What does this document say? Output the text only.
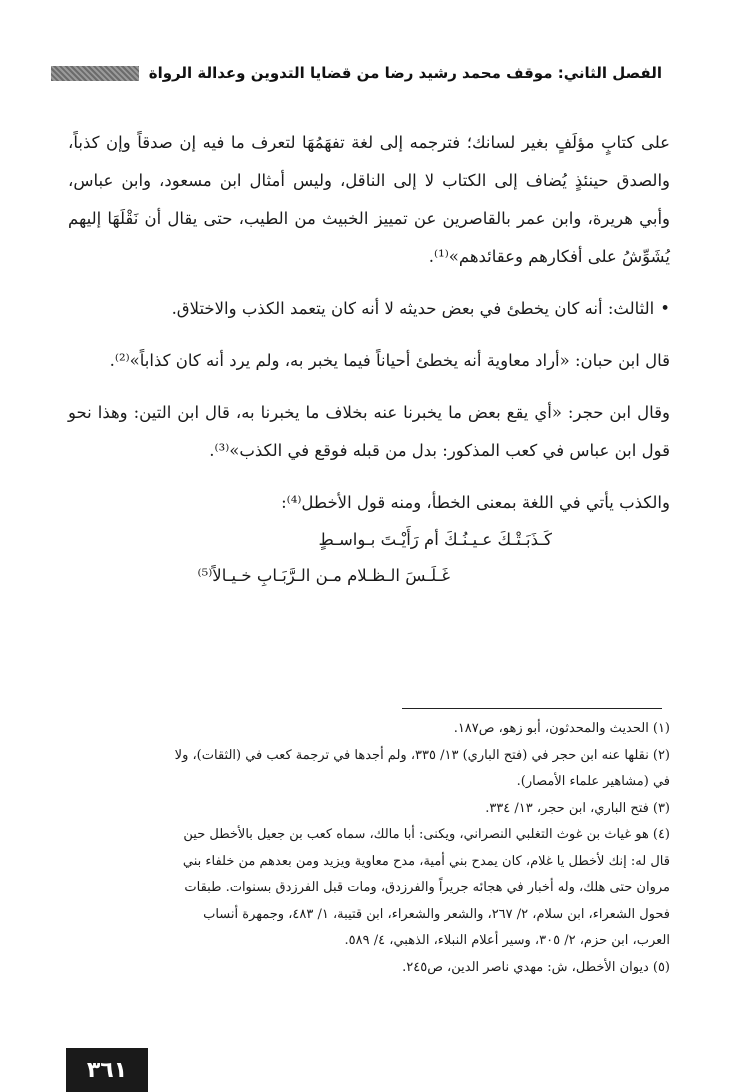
الفصل الثاني: موقف محمد رشيد رضا من قضايا التدوين وعدالة الرواة

على كتابٍ مؤلَفٍ بغير لسانك؛ فترجمه إلى لغة تفهَمُهَا لتعرف ما فيه إن صدقاً وإن كذباً، والصدق حينئذٍ يُضاف إلى الكتاب لا إلى الناقل، وليس أمثال ابن مسعود، وابن عباس، وأبي هريرة، وابن عمر بالقاصرين عن تمييز الخبيث من الطيب، حتى يقال أن نَقْلَهَا إليهم يُشَوِّشُ على أفكارهم وعقائدهم»⁽¹⁾.

• الثالث: أنه كان يخطئ في بعض حديثه لا أنه كان يتعمد الكذب والاختلاق.

قال ابن حبان: «أراد معاوية أنه يخطئ أحياناً فيما يخبر به، ولم يرد أنه كان كذاباً»⁽²⁾.

وقال ابن حجر: «أي يقع بعض ما يخبرنا عنه بخلاف ما يخبرنا به، قال ابن التين: وهذا نحو قول ابن عباس في كعب المذكور: بدل من قبله فوقع في الكذب»⁽³⁾.

والكذب يأتي في اللغة بمعنى الخطأ، ومنه قول الأخطل⁽⁴⁾:

كَـذَبَـتْـكَ عـيـنُـكَ أم رَأَيْـتَ بـواسـطٍ
غَـلَـسَ الـظـلام مـن الـرَّبَـابِ خـيـالاً⁽⁵⁾

(١)الحديث والمحدثون، أبو زهو، ص١٨٧.

(٢)نقلها عنه ابن حجر في (فتح الباري) ١٣/ ٣٣٥، ولم أجدها في ترجمة كعب في (الثقات)، ولا

في (مشاهير علماء الأمصار).

(٣)فتح الباري، ابن حجر، ١٣/ ٣٣٤.

(٤)هو غياث بن غوث التغلبي النصراني، ويكنى: أبا مالك، سماه كعب بن جعيل بالأخطل حين

قال له: إنك لأخطل يا غلام، كان يمدح بني أمية، مدح معاوية ويزيد ومن بعدهم من خلفاء بني

مروان حتى هلك، وله أخبار في هجائه جريراً والفرزدق، ومات قبل الفرزدق بسنوات. طبقات

فحول الشعراء، ابن سلام، ٢/ ٢٦٧، والشعر والشعراء، ابن قتيبة، ١/ ٤٨٣، وجمهرة أنساب

العرب، ابن حزم، ٢/ ٣٠٥، وسير أعلام النبلاء، الذهبي، ٤/ ٥٨٩.

(٥)ديوان الأخطل، ش: مهدي ناصر الدين، ص٢٤٥.

٣٦١
